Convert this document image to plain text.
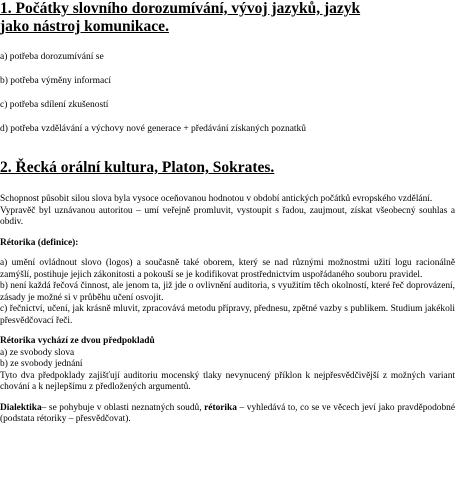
1. Počátky slovního dorozumívání, vývoj jazyků, jazyk
jako nástroj komunikace.
a) potřeba dorozumívání se
b) potřeba výměny informací
c) potřeba sdílení zkušeností
d) potřeba vzdělávání a výchovy nové generace + předávání získaných poznatků
2. Řecká orální kultura, Platon, Sokrates.

Schopnost působit silou slova byla vysoce oceňovanou hodnotou v období antických počátků evropského vzdělání.

Vypravěč byl uznávanou autoritou – umí veřejně promluvit, vystoupit s řadou, zaujmout, získat všeobecný souhlas a obdiv.

Rétorika (definice):

a) umění ovládnout slovo (logos) a současně také oborem, který se nad různými možnostmi užití logu racionálně zamýšlí, postihuje jejich zákonitosti a pokouší se je kodifikovat prostřednictvím uspořádaného souboru pravidel.

b) není každá řečová činnost, ale jenom ta, již jde o ovlivnění auditoria, s využitím těch okolností, které řeč doprovázení, zásady je možné si v průběhu učení osvojit.

c) řečnictví, učení, jak krásně mluvit, zpracovává metodu přípravy, přednesu, zpětné vazby s publikem. Studium jakékoli přesvědčovací řeči.

Rétorika vychází ze dvou předpokladů

a) ze svobody slova

b) ze svobody jednání

Tyto dva předpoklady zajišťují auditoriu mocenský tlaky nevynucený příklon k nejpřesvědčivější z možných variant chování a k nejlepšímu z předložených argumentů.

Dialektika– se pohybuje v oblasti neznatných soudů, rétorika – vyhledává to, co se ve věcech jeví jako pravděpodobné (podstata rétoriky – přesvědčovat).
